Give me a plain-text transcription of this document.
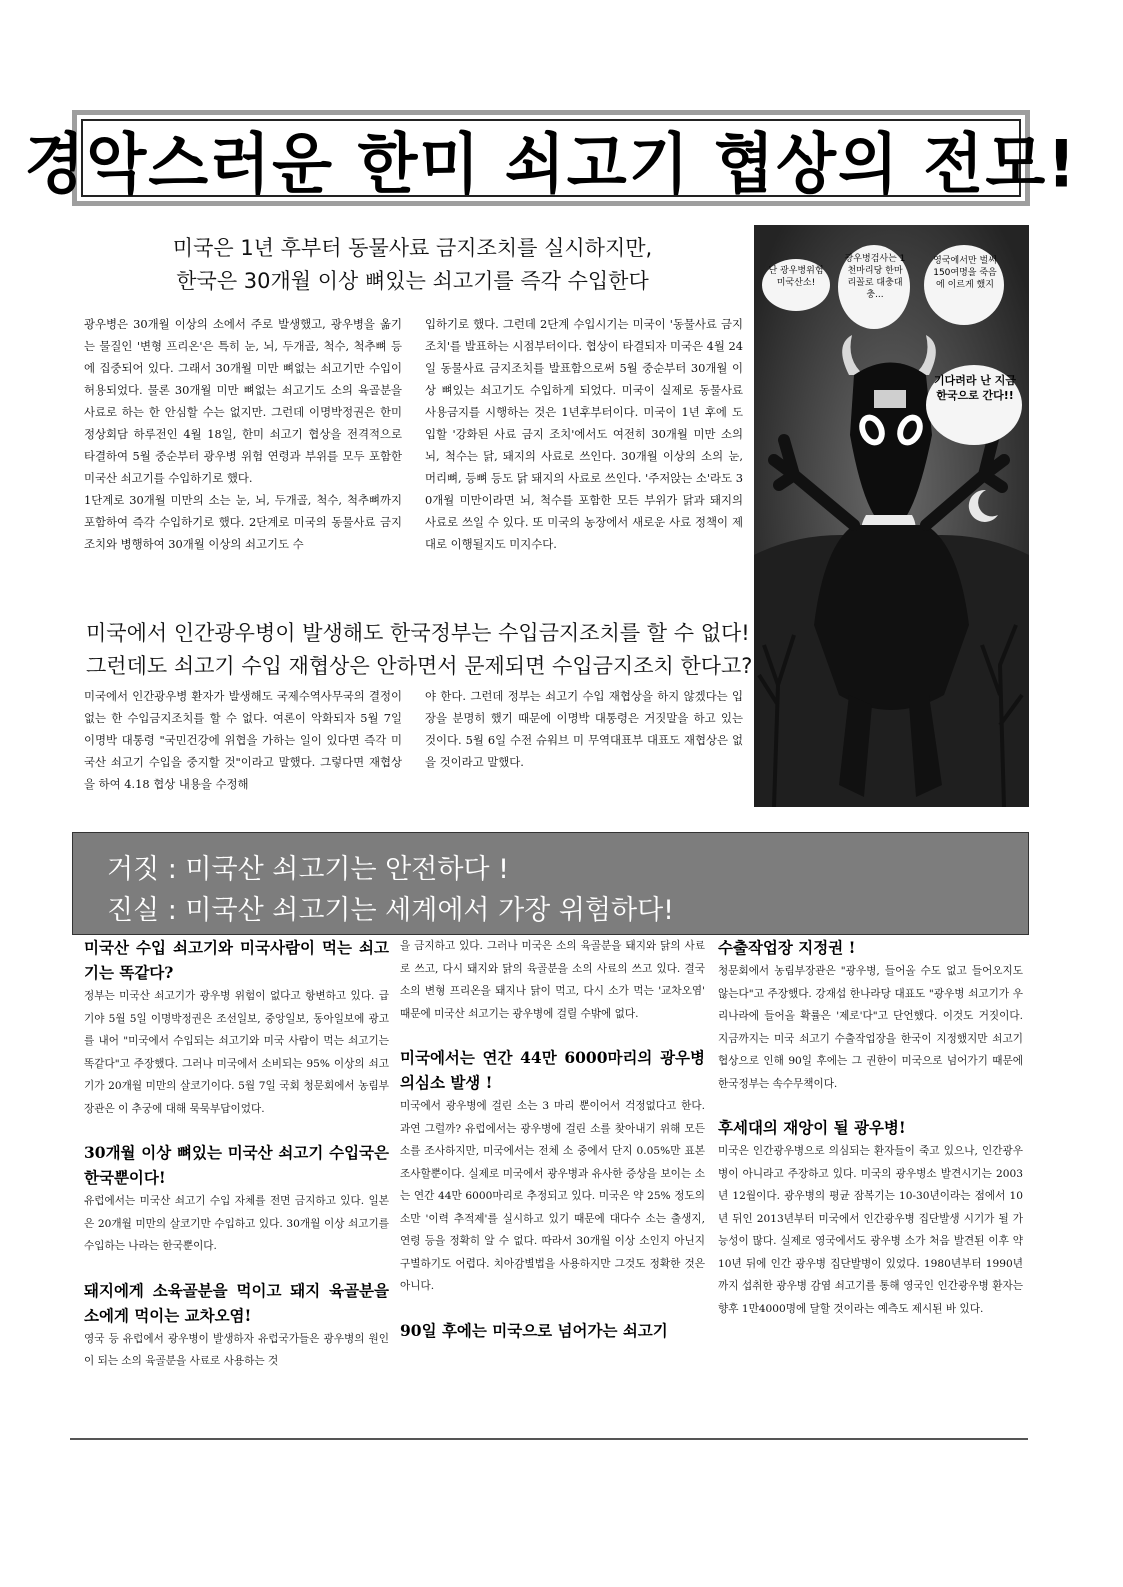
경악스러운 한미 쇠고기 협상의 전모!
미국은 1년 후부터 동물사료 금지조치를 실시하지만,
한국은 30개월 이상 뼈있는 쇠고기를 즉각 수입한다

광우병은 30개월 이상의 소에서 주로 발생했고, 광우병을 옮기는 물질인 '변형 프리온'은 특히 눈, 뇌, 두개골, 척수, 척추뼈 등에 집중되어 있다. 그래서 30개월 미만 뼈없는 쇠고기만 수입이 허용되었다. 물론 30개월 미만 뼈없는 쇠고기도 소의 육골분을 사료로 하는 한 안심할 수는 없지만. 그런데 이명박정권은 한미정상회담 하루전인 4월 18일, 한미 쇠고기 협상을 전격적으로 타결하여 5월 중순부터 광우병 위험 연령과 부위를 모두 포함한 미국산 쇠고기를 수입하기로 했다.

1단계로 30개월 미만의 소는 눈, 뇌, 두개골, 척수, 척추뼈까지 포함하여 즉각 수입하기로 했다. 2단계로 미국의 동물사료 금지조치와 병행하여 30개월 이상의 쇠고기도 수

입하기로 했다. 그런데 2단계 수입시기는 미국이 '동물사료 금지조치'를 발표하는 시점부터이다. 협상이 타결되자 미국은 4월 24일 동물사료 금지조치를 발표함으로써 5월 중순부터 30개월 이상 뼈있는 쇠고기도 수입하게 되었다. 미국이 실제로 동물사료 사용금지를 시행하는 것은 1년후부터이다. 미국이 1년 후에 도입할 '강화된 사료 금지 조치'에서도 여전히 30개월 미만 소의 뇌, 척수는 닭, 돼지의 사료로 쓰인다. 30개월 이상의 소의 눈, 머리뼈, 등뼈 등도 닭 돼지의 사료로 쓰인다. '주저앉는 소'라도 30개월 미만이라면 뇌, 척수를 포함한 모든 부위가 닭과 돼지의 사료로 쓰일 수 있다. 또 미국의 농장에서 새로운 사료 정책이 제대로 이행될지도 미지수다.

미국에서 인간광우병이 발생해도 한국정부는 수입금지조치를 할 수 없다!
그런데도 쇠고기 수입 재협상은 안하면서 문제되면 수입금지조치 한다고?

미국에서 인간광우병 환자가 발생해도 국제수역사무국의 결정이 없는 한 수입금지조치를 할 수 없다. 여론이 악화되자 5월 7일 이명박 대통령 "국민건강에 위협을 가하는 일이 있다면 즉각 미국산 쇠고기 수입을 중지할 것"이라고 말했다. 그렇다면 재협상을 하여 4.18 협상 내용을 수정해

야 한다. 그런데 정부는 쇠고기 수입 재협상을 하지 않겠다는 입장을 분명히 했기 때문에 이명박 대통령은 거짓말을 하고 있는 것이다. 5월 6일 수전 슈워브 미 무역대표부 대표도 재협상은 없을 것이라고 말했다.

난 광우병위험 미국산소!
광우병검사는 1천마리당 한마리꼴로 대충대충...
영국에서만 벌써150여명을 죽음에 이르게 했지
기다려라 난 지금 한국으로 간다!!
거짓 : 미국산 쇠고기는 안전하다 !
진실 : 미국산 쇠고기는 세계에서 가장 위험하다!
미국산 수입 쇠고기와 미국사람이 먹는 쇠고기는 똑같다?
정부는 미국산 쇠고기가 광우병 위험이 없다고 항변하고 있다. 급기야 5월 5일 이명박정권은 조선일보, 중앙일보, 동아일보에 광고를 내어 "미국에서 수입되는 쇠고기와 미국 사람이 먹는 쇠고기는 똑같다"고 주장했다. 그러나 미국에서 소비되는 95% 이상의 쇠고기가 20개월 미만의 살코기이다. 5월 7일 국회 청문회에서 농림부장관은 이 추궁에 대해 묵묵부답이었다.
30개월 이상 뼈있는 미국산 쇠고기 수입국은 한국뿐이다!
유럽에서는 미국산 쇠고기 수입 자체를 전면 금지하고 있다. 일본은 20개월 미만의 살코기만 수입하고 있다. 30개월 이상 쇠고기를 수입하는 나라는 한국뿐이다.
돼지에게 소육골분을 먹이고 돼지 육골분을 소에게 먹이는 교차오염!
영국 등 유럽에서 광우병이 발생하자 유럽국가들은 광우병의 원인이 되는 소의 육골분을 사료로 사용하는 것
을 금지하고 있다. 그러나 미국은 소의 육골분을 돼지와 닭의 사료로 쓰고, 다시 돼지와 닭의 육골분을 소의 사료의 쓰고 있다. 결국 소의 변형 프리온을 돼지나 닭이 먹고, 다시 소가 먹는 '교차오염' 때문에 미국산 쇠고기는 광우병에 걸릴 수밖에 없다.
미국에서는 연간 44만 6000마리의 광우병 의심소 발생 !
미국에서 광우병에 걸린 소는 3 마리 뿐이어서 걱정없다고 한다. 과연 그럴까? 유럽에서는 광우병에 걸린 소를 찾아내기 위해 모든 소를 조사하지만, 미국에서는 전체 소 중에서 단지 0.05%만 표본조사할뿐이다. 실제로 미국에서 광우병과 유사한 증상을 보이는 소는 연간 44만 6000마리로 추정되고 있다. 미국은 약 25% 정도의 소만 '이력 추적제'를 실시하고 있기 때문에 대다수 소는 출생지, 연령 등을 정확히 알 수 없다. 따라서 30개월 이상 소인지 아닌지 구별하기도 어렵다. 치아감별법을 사용하지만 그것도 정확한 것은 아니다.
90일 후에는 미국으로 넘어가는 쇠고기
수출작업장 지정권 !
청문회에서 농림부장관은 "광우병, 들어올 수도 없고 들어오지도 않는다"고 주장했다. 강재섭 한나라당 대표도 "광우병 쇠고기가 우리나라에 들어올 확률은 '제로'다"고 단언했다. 이것도 거짓이다. 지금까지는 미국 쇠고기 수출작업장을 한국이 지정했지만 쇠고기 협상으로 인해 90일 후에는 그 권한이 미국으로 넘어가기 때문에 한국정부는 속수무책이다.
후세대의 재앙이 될 광우병!
미국은 인간광우병으로 의심되는 환자들이 죽고 있으나, 인간광우병이 아니라고 주장하고 있다. 미국의 광우병소 발견시기는 2003년 12월이다. 광우병의 평균 잠복기는 10-30년이라는 점에서 10년 뒤인 2013년부터 미국에서 인간광우병 집단발생 시기가 될 가능성이 많다. 실제로 영국에서도 광우병 소가 처음 발견된 이후 약 10년 뒤에 인간 광우병 집단발병이 있었다. 1980년부터 1990년까지 섭취한 광우병 감염 쇠고기를 통해 영국인 인간광우병 환자는 향후 1만4000명에 달할 것이라는 예측도 제시된 바 있다.
